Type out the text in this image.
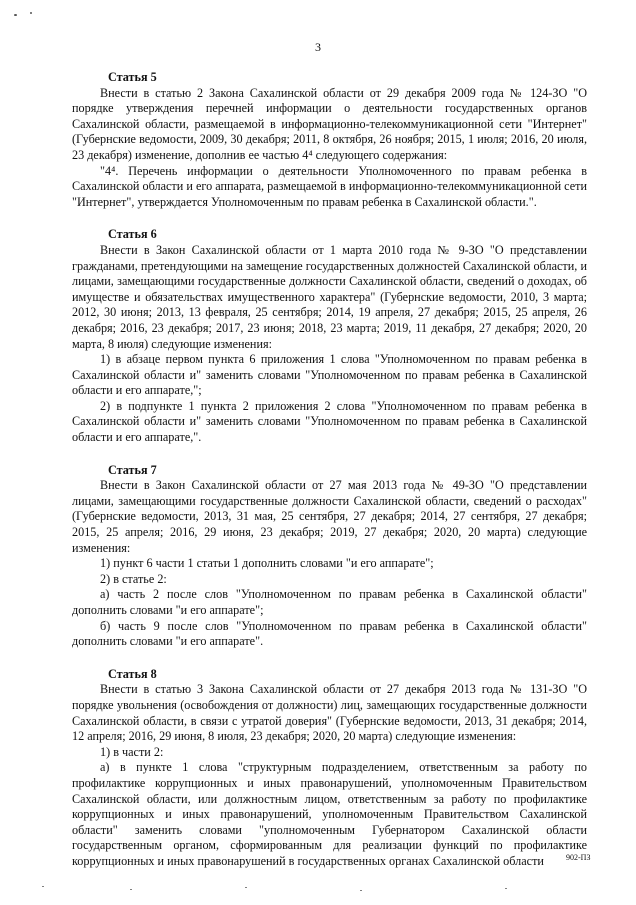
3

Статья 5

Внести в статью 2 Закона Сахалинской области от 29 декабря 2009 года № 124-ЗО "О порядке утверждения перечней информации о деятельности государственных органов Сахалинской области, размещаемой в информационно-телекоммуникационной сети "Интернет" (Губернские ведомости, 2009, 30 декабря; 2011, 8 октября, 26 ноября; 2015, 1 июля; 2016, 20 июля, 23 декабря) изменение, дополнив ее частью 4⁴ следующего содержания:

"4⁴. Перечень информации о деятельности Уполномоченного по правам ребенка в Сахалинской области и его аппарата, размещаемой в информационно-телекоммуникационной сети "Интернет", утверждается Уполномоченным по правам ребенка в Сахалинской области.".

Статья 6

Внести в Закон Сахалинской области от 1 марта 2010 года № 9-ЗО "О представлении гражданами, претендующими на замещение государственных должностей Сахалинской области, и лицами, замещающими государственные должности Сахалинской области, сведений о доходах, об имуществе и обязательствах имущественного характера" (Губернские ведомости, 2010, 3 марта; 2012, 30 июня; 2013, 13 февраля, 25 сентября; 2014, 19 апреля, 27 декабря; 2015, 25 апреля, 26 декабря; 2016, 23 декабря; 2017, 23 июня; 2018, 23 марта; 2019, 11 декабря, 27 декабря; 2020, 20 марта, 8 июля) следующие изменения:

1) в абзаце первом пункта 6 приложения 1 слова "Уполномоченном по правам ребенка в Сахалинской области и" заменить словами "Уполномоченном по правам ребенка в Сахалинской области и его аппарате,";

2) в подпункте 1 пункта 2 приложения 2 слова "Уполномоченном по правам ребенка в Сахалинской области и" заменить словами "Уполномоченном по правам ребенка в Сахалинской области и его аппарате,".

Статья 7

Внести в Закон Сахалинской области от 27 мая 2013 года № 49-ЗО "О представлении лицами, замещающими государственные должности Сахалинской области, сведений о расходах" (Губернские ведомости, 2013, 31 мая, 25 сентября, 27 декабря; 2014, 27 сентября, 27 декабря; 2015, 25 апреля; 2016, 29 июня, 23 декабря; 2019, 27 декабря; 2020, 20 марта) следующие изменения:

1) пункт 6 части 1 статьи 1 дополнить словами "и его аппарате";

2) в статье 2:

а) часть 2 после слов "Уполномоченном по правам ребенка в Сахалинской области" дополнить словами "и его аппарате";

б) часть 9 после слов "Уполномоченном по правам ребенка в Сахалинской области" дополнить словами "и его аппарате".

Статья 8

Внести в статью 3 Закона Сахалинской области от 27 декабря 2013 года № 131-ЗО "О порядке увольнения (освобождения от должности) лиц, замещающих государственные должности Сахалинской области, в связи с утратой доверия" (Губернские ведомости, 2013, 31 декабря; 2014, 12 апреля; 2016, 29 июня, 8 июля, 23 декабря; 2020, 20 марта) следующие изменения:

1) в части 2:

а) в пункте 1 слова "структурным подразделением, ответственным за работу по профилактике коррупционных и иных правонарушений, уполномоченным Правительством Сахалинской области, или должностным лицом, ответственным за работу по профилактике коррупционных и иных правонарушений, уполномоченным Правительством Сахалинской области" заменить словами "уполномоченным Губернатором Сахалинской области государственным органом, сформированным для реализации функций по профилактике коррупционных и иных правонарушений в государственных органах Сахалинской области	902-ПЗ
